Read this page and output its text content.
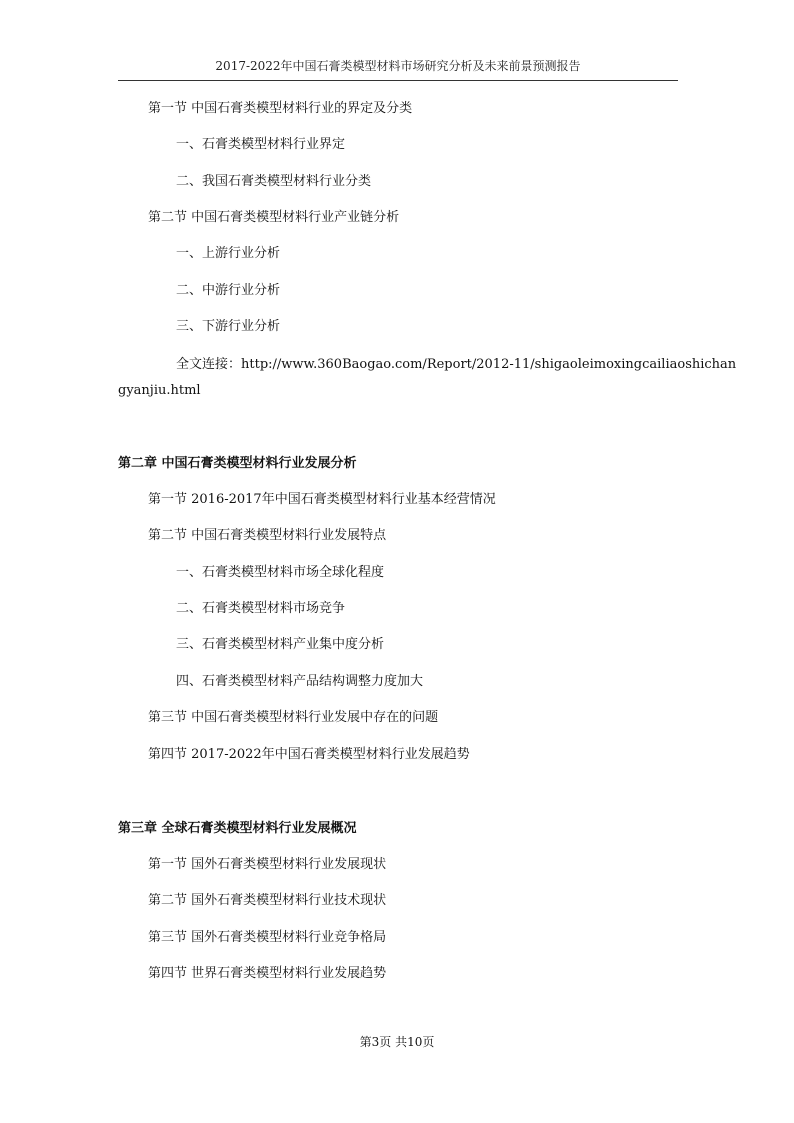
2017-2022年中国石膏类模型材料市场研究分析及未来前景预测报告
第一节 中国石膏类模型材料行业的界定及分类
一、石膏类模型材料行业界定
二、我国石膏类模型材料行业分类
第二节 中国石膏类模型材料行业产业链分析
一、上游行业分析
二、中游行业分析
三、下游行业分析
全文连接：http://www.360Baogao.com/Report/2012-11/shigaoleimoxingcailiaoshichan
gyanjiu.html
第二章 中国石膏类模型材料行业发展分析
第一节 2016-2017年中国石膏类模型材料行业基本经营情况
第二节 中国石膏类模型材料行业发展特点
一、石膏类模型材料市场全球化程度
二、石膏类模型材料市场竞争
三、石膏类模型材料产业集中度分析
四、石膏类模型材料产品结构调整力度加大
第三节 中国石膏类模型材料行业发展中存在的问题
第四节 2017-2022年中国石膏类模型材料行业发展趋势
第三章 全球石膏类模型材料行业发展概况
第一节 国外石膏类模型材料行业发展现状
第二节 国外石膏类模型材料行业技术现状
第三节 国外石膏类模型材料行业竞争格局
第四节 世界石膏类模型材料行业发展趋势
第3页 共10页
